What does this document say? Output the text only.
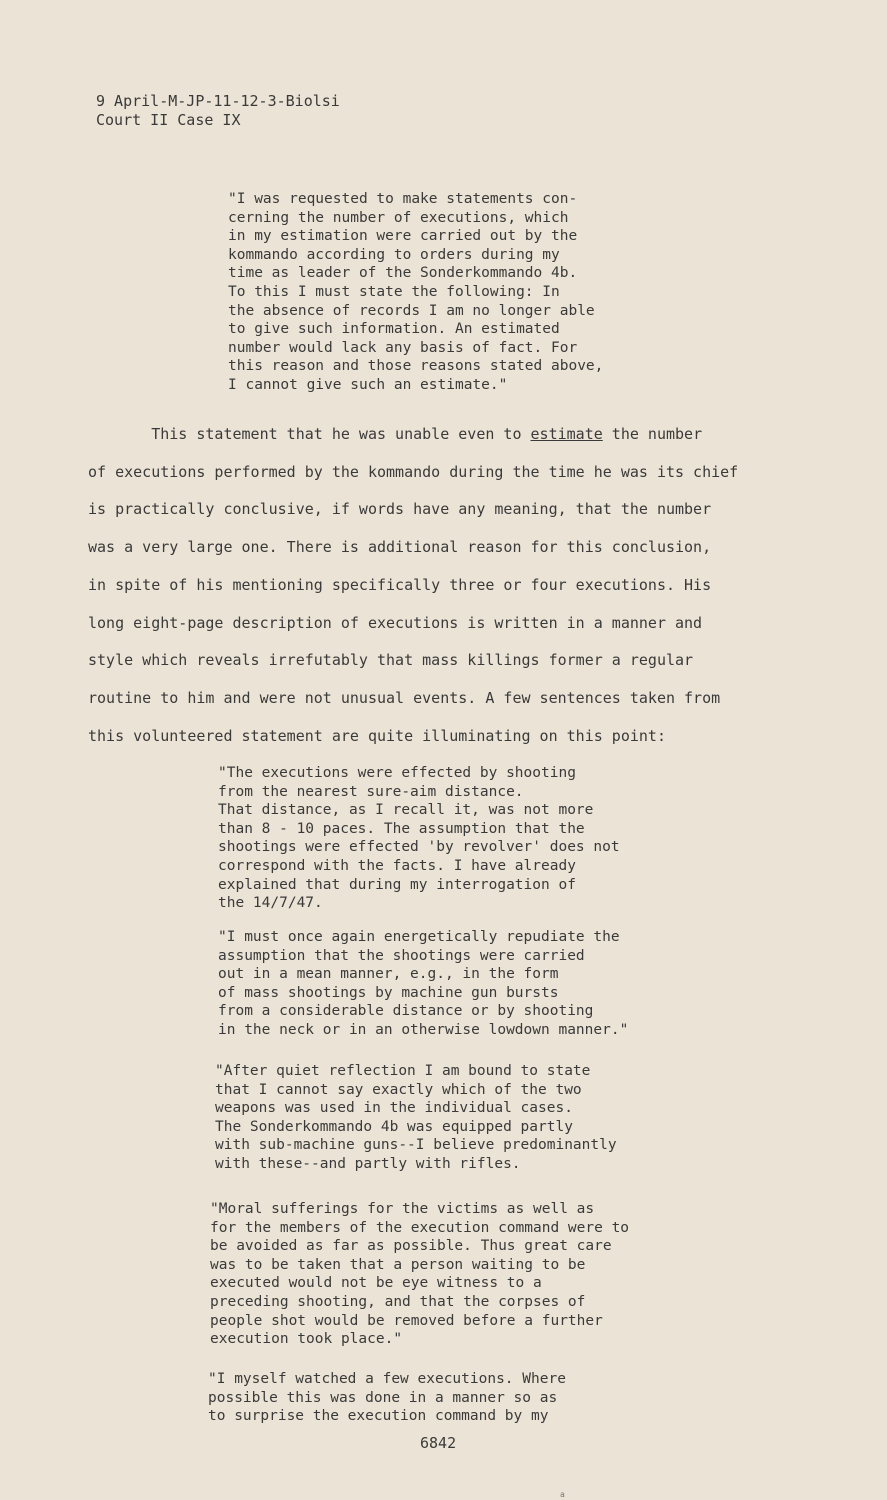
9 April-M-JP-11-12-3-Biolsi
Court II Case IX
"I was requested to make statements con-
cerning the number of executions, which
in my estimation were carried out by the
kommando according to orders during my
time as leader of the Sonderkommando 4b.
To this I must state the following: In
the absence of records I am no longer able
to give such information. An estimated
number would lack any basis of fact. For
this reason and those reasons stated above,
I cannot give such an estimate."
This statement that he was unable even to estimate the number
of executions performed by the kommando during the time he was its chief
is practically conclusive, if words have any meaning, that the number
was a very large one. There is additional reason for this conclusion,
in spite of his mentioning specifically three or four executions. His
long eight-page description of executions is written in a manner and
style which reveals irrefutably that mass killings former a regular
routine to him and were not unusual events. A few sentences taken from
this volunteered statement are quite illuminating on this point:
"The executions were effected by shooting
from the nearest sure-aim distance.
That distance, as I recall it, was not more
than 8 - 10 paces. The assumption that the
shootings were effected 'by revolver' does not
correspond with the facts. I have already
explained that during my interrogation of
the 14/7/47.
"I must once again energetically repudiate the
assumption that the shootings were carried
out in a mean manner, e.g., in the form
of mass shootings by machine gun bursts
from a considerable distance or by shooting
in the neck or in an otherwise lowdown manner."
"After quiet reflection I am bound to state
that I cannot say exactly which of the two
weapons was used in the individual cases.
The Sonderkommando 4b was equipped partly
with sub-machine guns--I believe predominantly
with these--and partly with rifles.
"Moral sufferings for the victims as well as
for the members of the execution command were to
be avoided as far as possible. Thus great care
was to be taken that a person waiting to be
executed would not be eye witness to a
preceding shooting, and that the corpses of
people shot would be removed before a further
execution took place."
"I myself watched a few executions. Where
possible this was done in a manner so as
to surprise the execution command by my
6842
a
